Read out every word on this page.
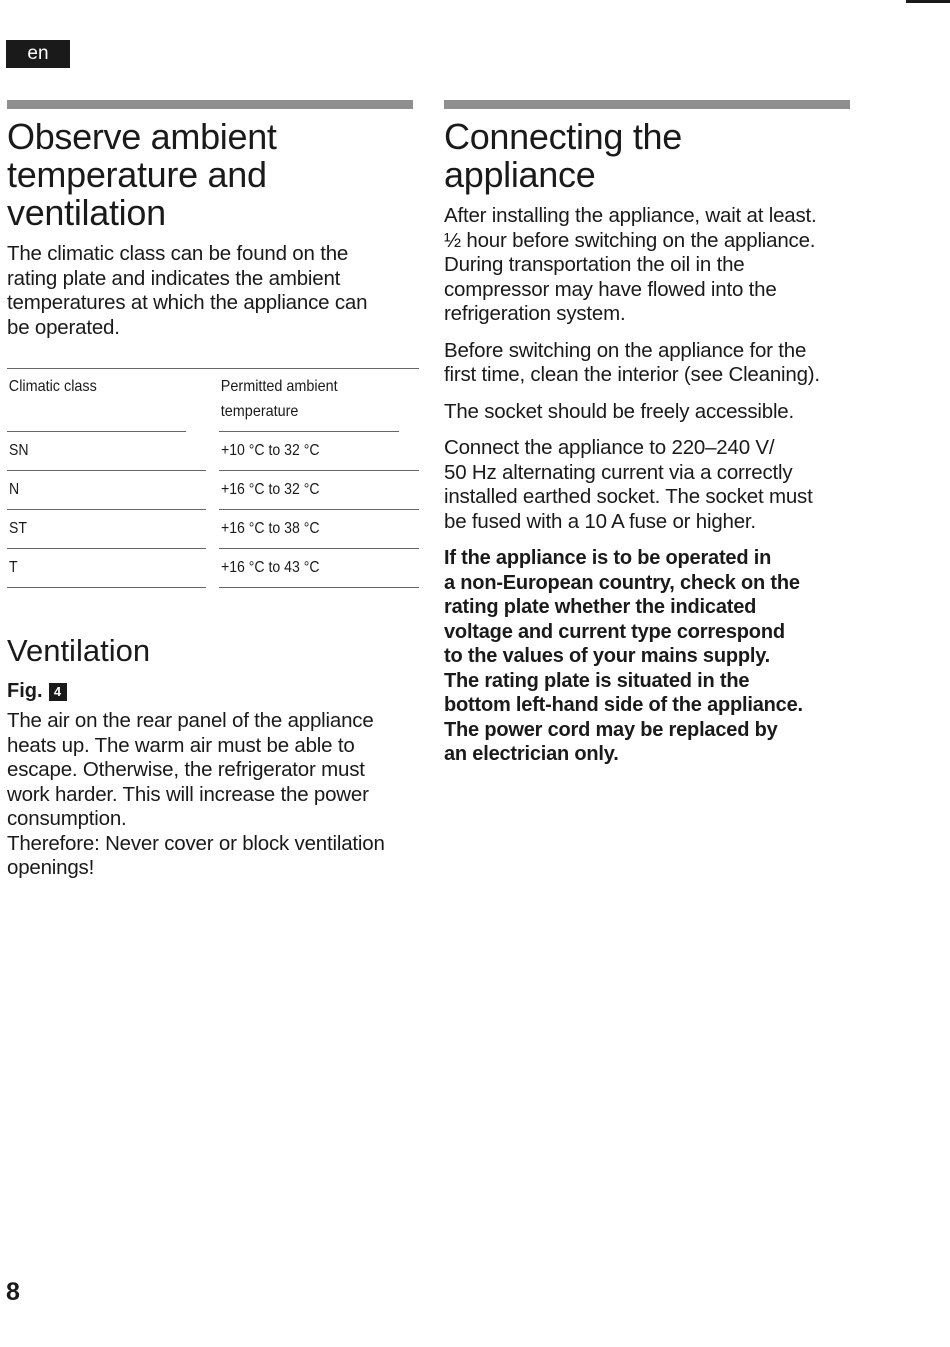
en
Observe ambient
temperature and
ventilation

The climatic class can be found on the
rating plate and indicates the ambient
temperatures at which the appliance can
be operated.

Climatic class	Permitted ambient
temperature
SN	+10 °C to 32 °C
N	+16 °C to 32 °C
ST	+16 °C to 38 °C
T	+16 °C to 43 °C
Ventilation
Fig. 4

The air on the rear panel of the appliance
heats up. The warm air must be able to
escape. Otherwise, the refrigerator must
work harder. This will increase the power
consumption.
Therefore: Never cover or block ventilation
openings!

Connecting the
appliance

After installing the appliance, wait at least.
½ hour before switching on the appliance.
During transportation the oil in the
compressor may have flowed into the
refrigeration system.

Before switching on the appliance for the
first time, clean the interior (see Cleaning).

The socket should be freely accessible.

Connect the appliance to 220–240 V/
50 Hz alternating current via a correctly
installed earthed socket. The socket must
be fused with a 10 A fuse or higher.

If the appliance is to be operated in
a non-European country, check on the
rating plate whether the indicated
voltage and current type correspond
to the values of your mains supply.
The rating plate is situated in the
bottom left-hand side of the appliance.
The power cord may be replaced by
an electrician only.

8
